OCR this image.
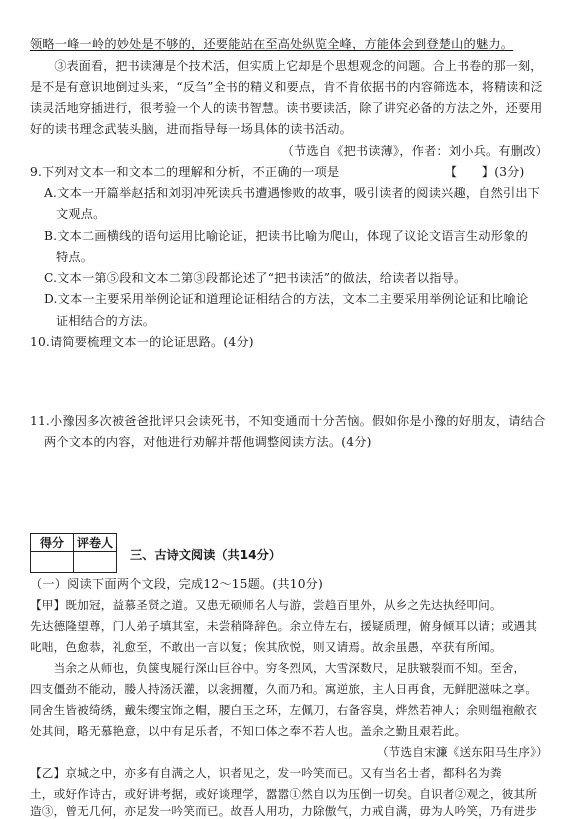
领略一峰一岭的妙处是不够的，还要能站在至高处纵览全峰，方能体会到登楚山的魅力。
　　③表面看，把书读薄是个技术活，但实质上它却是个思想观念的问题。合上书卷的那一刻，
是不是有意识地倒过头来，“反刍”全书的精义和要点，肯不肯依据书的内容筛选本，将精读和泛
读灵活地穿插进行，很考验一个人的读书智慧。读书要读活，除了讲究必备的方法之外，还要用
好的读书理念武装头脑，进而指导每一场具体的读书活动。
（节选自《把书读薄》，作者：刘小兵。有删改）
9.下列对文本一和文本二的理解和分析，不正确的一项是　　　　　　　　　【　　】(3分)
A.文本一开篇举赵括和刘羽冲死读兵书遭遇惨败的故事，吸引读者的阅读兴趣，自然引出下
文观点。
B.文本二画横线的语句运用比喻论证，把读书比喻为爬山，体现了议论文语言生动形象的
特点。
C.文本一第⑤段和文本二第③段都论述了“把书读活”的做法，给读者以指导。
D.文本一主要采用举例论证和道理论证相结合的方法，文本二主要采用举例论证和比喻论
证相结合的方法。
10.请简要梳理文本一的论证思路。(4分)
11.小豫因多次被爸爸批评只会读死书，不知变通而十分苦恼。假如你是小豫的好朋友，请结合
两个文本的内容，对他进行劝解并帮他调整阅读方法。(4分)
得分	评卷人

三、古诗文阅读（共14分）
（一）阅读下面两个文段，完成12～15题。(共10分)
【甲】既加冠，益慕圣贤之道。又患无硕师名人与游，尝趋百里外，从乡之先达执经叩问。
先达德隆望尊，门人弟子填其室，未尝稍降辞色。余立侍左右，援疑质理，俯身倾耳以请；或遇其
叱咄，色愈恭，礼愈至，不敢出一言以复；俟其欣悦，则又请焉。故余虽愚，卒获有所闻。
　　当余之从师也，负箧曳屣行深山巨谷中。穷冬烈风，大雪深数尺，足肤皲裂而不知。至舍，
四支僵劲不能动，媵人持汤沃灌，以衾拥覆，久而乃和。寓逆旅，主人日再食，无鲜肥滋味之享。
同舍生皆被绮绣，戴朱缨宝饰之帽，腰白玉之环，左佩刀，右备容臭，烨然若神人；余则缊袍敝衣
处其间，略无慕艳意，以中有足乐者，不知口体之奉不若人也。盖余之勤且艰若此。
（节选自宋濂《送东阳马生序》）
【乙】京城之中，亦多有自满之人，识者见之，发一吟笑而已。又有当名士者，都科名为粪
土，或好作诗古，或好讲考据，或好谈理学，嚣嚣①然自以为压倒一切矣。自识者②观之，彼其所
造③，曾无几何，亦足发一吟笑而已。故吾人用功，力除傲气，力戒自满，毋为人吟笑，乃有进步
